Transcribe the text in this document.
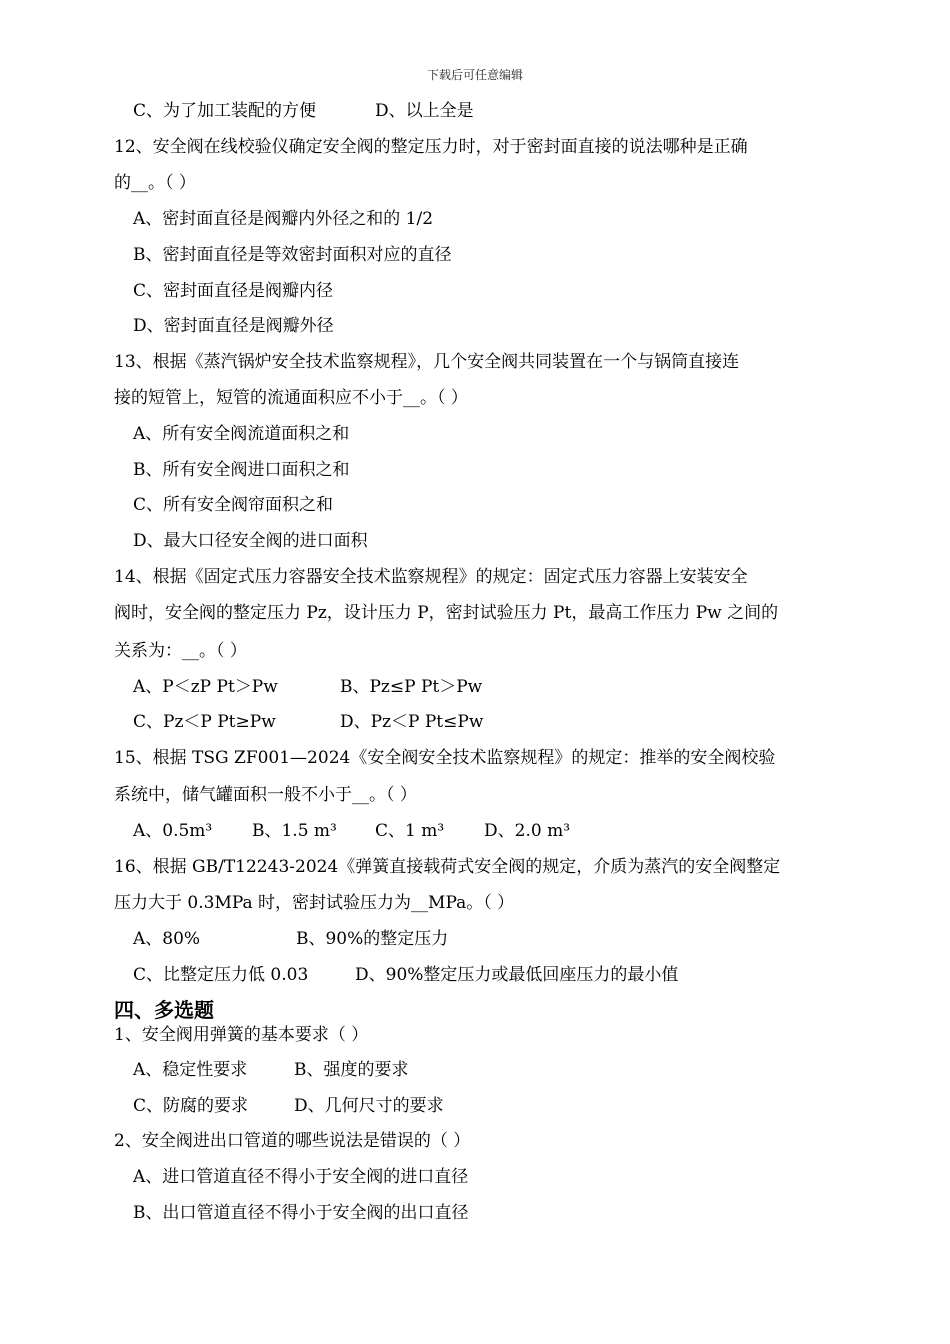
下载后可任意编辑
C、为了加工装配的方便	D、以上全是
12、安全阀在线校验仪确定安全阀的整定压力时，对于密封面直接的说法哪种是正确
的__。（ ）
A、密封面直径是阀瓣内外径之和的 1/2
B、密封面直径是等效密封面积对应的直径
C、密封面直径是阀瓣内径
D、密封面直径是阀瓣外径
13、根据《蒸汽锅炉安全技术监察规程》，几个安全阀共同装置在一个与锅筒直接连
接的短管上，短管的流通面积应不小于__。（ ）
A、所有安全阀流道面积之和
B、所有安全阀进口面积之和
C、所有安全阀帘面积之和
D、最大口径安全阀的进口面积
14、根据《固定式压力容器安全技术监察规程》的规定：固定式压力容器上安装安全
阀时，安全阀的整定压力 Pz，设计压力 P，密封试验压力 Pt，最高工作压力 Pw 之间的
关系为：__。（ ）
A、P＜zP Pt＞Pw	B、Pz≤P Pt＞Pw
C、Pz＜P Pt≥Pw	D、Pz＜P Pt≤Pw
15、根据 TSG ZF001—2024《安全阀安全技术监察规程》的规定：推举的安全阀校验
系统中，储气罐面积一般不小于__。（ ）
A、0.5m³ B、1.5 m³ C、1 m³ D、2.0 m³
16、根据 GB/T12243-2024《弹簧直接载荷式安全阀的规定，介质为蒸汽的安全阀整定
压力大于 0.3MPa 时，密封试验压力为__MPa。（ ）
A、80%	B、90%的整定压力
C、比整定压力低 0.03	D、90%整定压力或最低回座压力的最小值
四、多选题
1、安全阀用弹簧的基本要求（ ）
A、稳定性要求	B、强度的要求
C、防腐的要求	D、几何尺寸的要求
2、安全阀进出口管道的哪些说法是错误的（ ）
A、进口管道直径不得小于安全阀的进口直径
B、出口管道直径不得小于安全阀的出口直径
